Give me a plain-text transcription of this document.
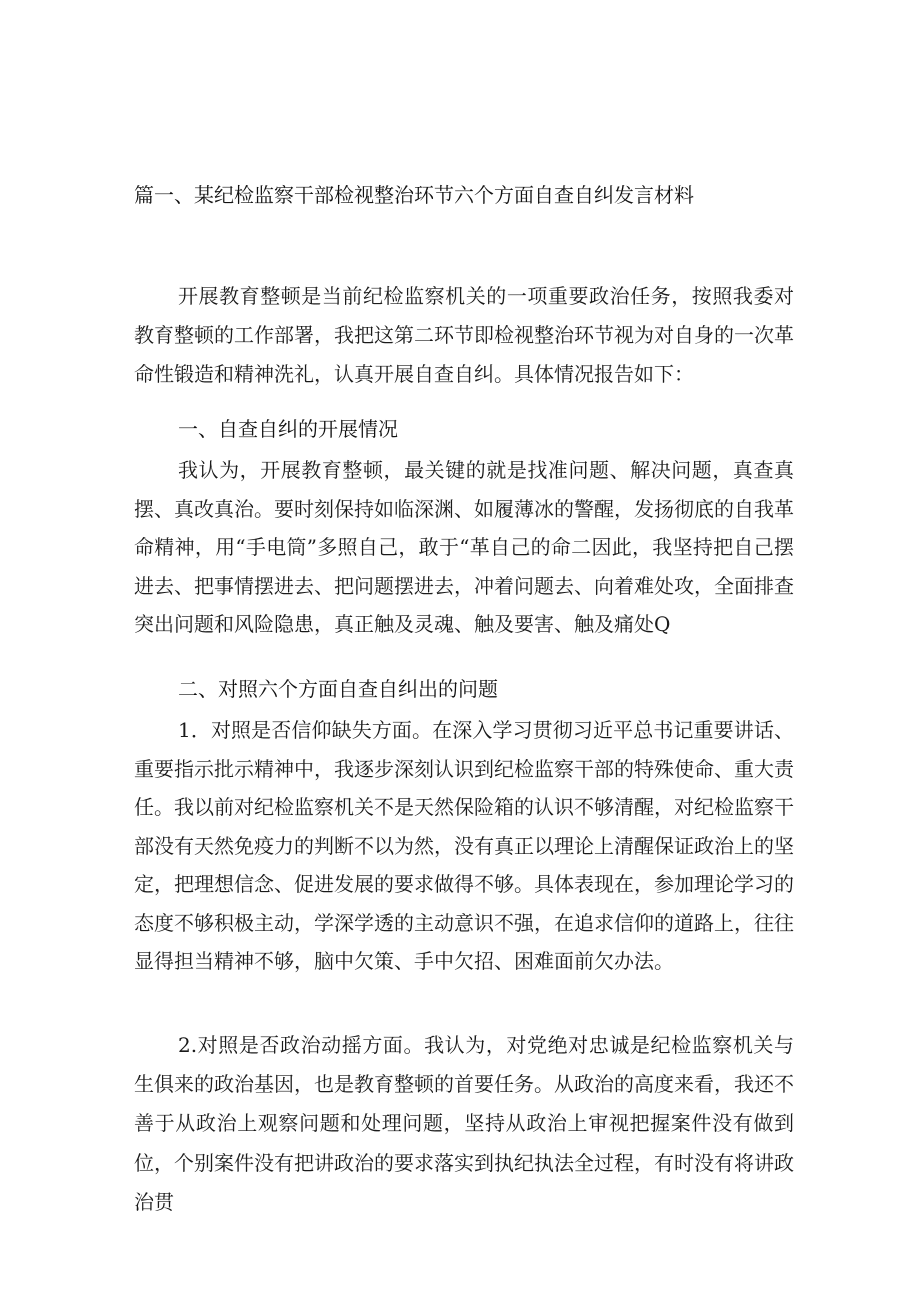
篇一、某纪检监察干部检视整治环节六个方面自查自纠发言材料

开展教育整顿是当前纪检监察机关的一项重要政治任务，按照我委对教育整顿的工作部署，我把这第二环节即检视整治环节视为对自身的一次革命性锻造和精神洗礼，认真开展自查自纠。具体情况报告如下：

一、自查自纠的开展情况

我认为，开展教育整顿，最关键的就是找准问题、解决问题，真查真摆、真改真治。要时刻保持如临深渊、如履薄冰的警醒，发扬彻底的自我革命精神，用“手电筒”多照自己，敢于“革自己的命二因此，我坚持把自己摆进去、把事情摆进去、把问题摆进去，冲着问题去、向着难处攻，全面排查突出问题和风险隐患，真正触及灵魂、触及要害、触及痛处Q

二、对照六个方面自查自纠出的问题

1．对照是否信仰缺失方面。在深入学习贯彻习近平总书记重要讲话、重要指示批示精神中，我逐步深刻认识到纪检监察干部的特殊使命、重大责任。我以前对纪检监察机关不是天然保险箱的认识不够清醒，对纪检监察干部没有天然免疫力的判断不以为然，没有真正以理论上清醒保证政治上的坚定，把理想信念、促进发展的要求做得不够。具体表现在，参加理论学习的态度不够积极主动，学深学透的主动意识不强，在追求信仰的道路上，往往显得担当精神不够，脑中欠策、手中欠招、困难面前欠办法。

2.对照是否政治动摇方面。我认为，对党绝对忠诚是纪检监察机关与生俱来的政治基因，也是教育整顿的首要任务。从政治的高度来看，我还不善于从政治上观察问题和处理问题，坚持从政治上审视把握案件没有做到位，个别案件没有把讲政治的要求落实到执纪执法全过程，有时没有将讲政治贯
